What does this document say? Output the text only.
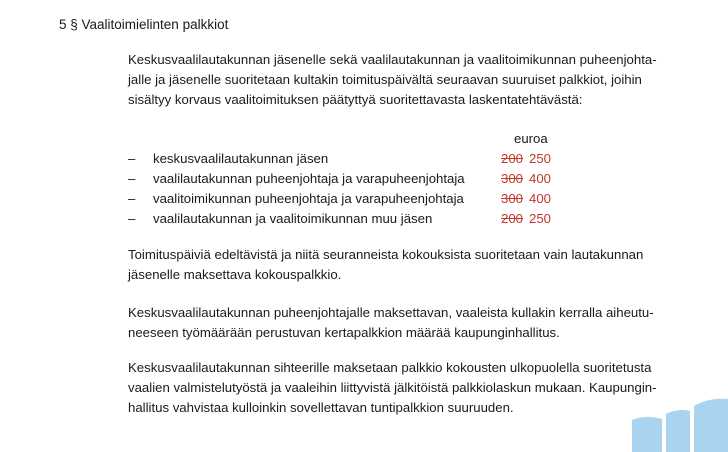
5 § Vaalitoimielinten palkkiot

Keskusvaalilautakunnan jäsenelle sekä vaalilautakunnan ja vaalitoimikunnan puheenjohta-
jalle ja jäsenelle suoritetaan kultakin toimituspäivältä seuraavan suuruiset palkkiot, joihin
sisältyy korvaus vaalitoimituksen päätyttyä suoritettavasta laskentatehtävästä:

euroa
– keskusvaalilautakunnan jäsen	200 250
– vaalilautakunnan puheenjohtaja ja varapuheenjohtaja	300 400
– vaalitoimikunnan puheenjohtaja ja varapuheenjohtaja	300 400
– vaalilautakunnan ja vaalitoimikunnan muu jäsen	200 250

Toimituspäiviä edeltävistä ja niitä seuranneista kokouksista suoritetaan vain lautakunnan
jäsenelle maksettava kokouspalkkio.

Keskusvaalilautakunnan puheenjohtajalle maksettavan, vaaleista kullakin kerralla aiheutu-
neeseen työmäärään perustuvan kertapalkkion määrää kaupunginhallitus.

Keskusvaalilautakunnan sihteerille maksetaan palkkio kokousten ulkopuolella suoritetusta
vaalien valmistelutyöstä ja vaaleihin liittyvistä jälkitöistä palkkiolaskun mukaan. Kaupungin-
hallitus vahvistaa kulloinkin sovellettavan tuntipalkkion suuruuden.
